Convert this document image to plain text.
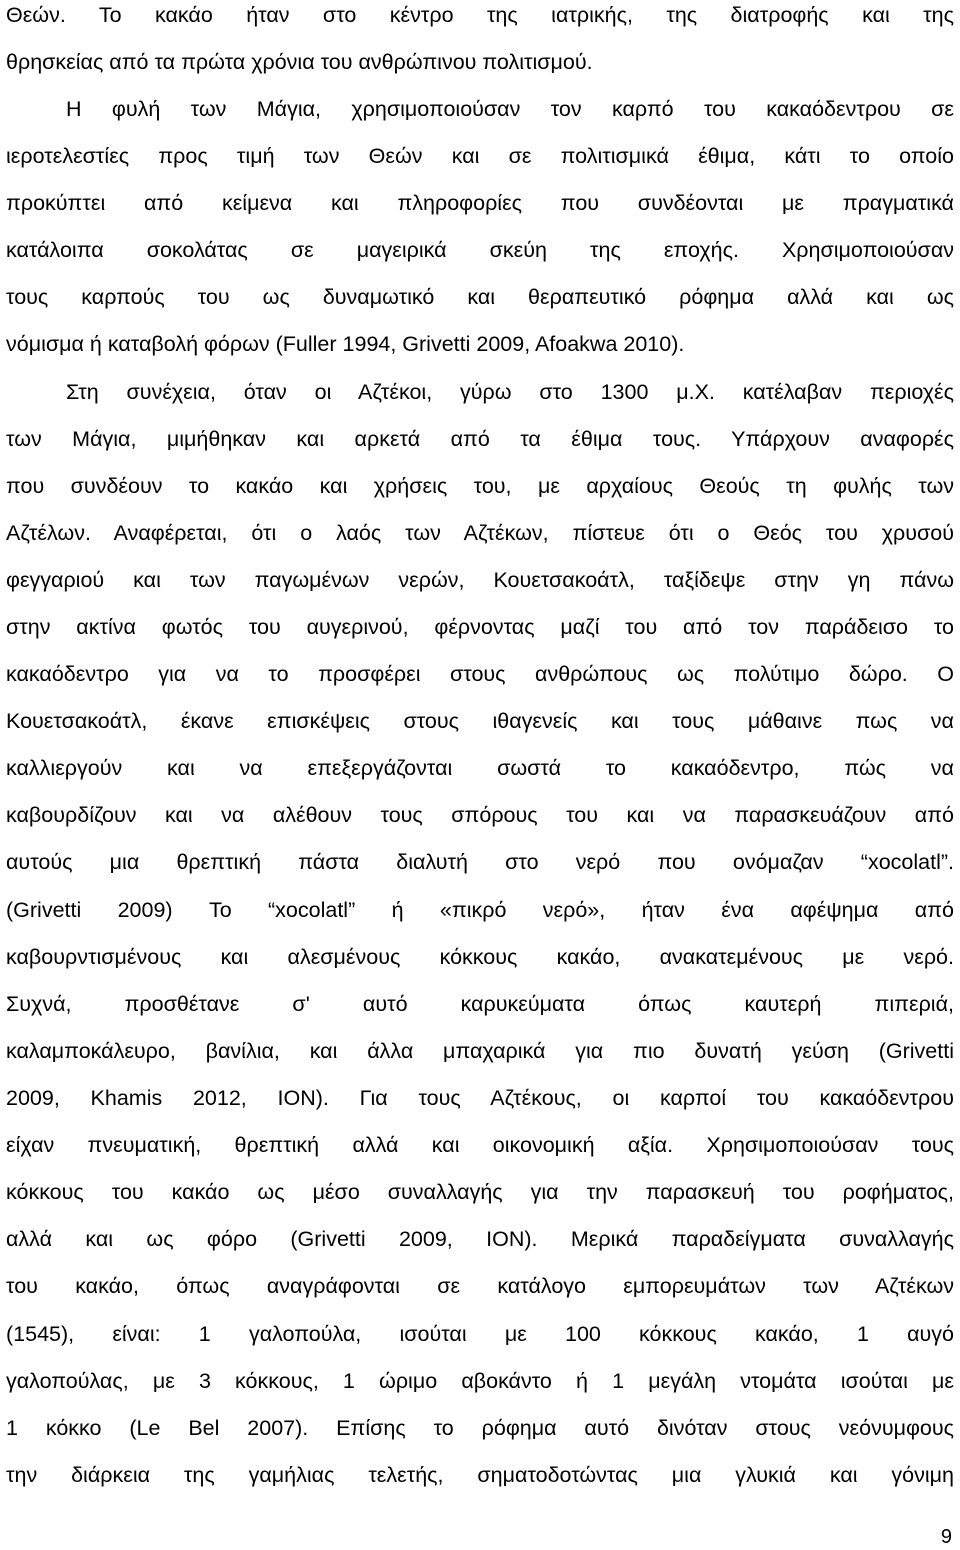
Θεών. Το κακάο ήταν στο κέντρο της ιατρικής, της διατροφής και της
θρησκείας από τα πρώτα χρόνια του ανθρώπινου πολιτισμού.
Η φυλή των Μάγια, χρησιμοποιούσαν τον καρπό του κακαόδεντρου σε
ιεροτελεστίες προς τιμή των Θεών και σε πολιτισμικά έθιμα, κάτι το οποίο
προκύπτει από κείμενα και πληροφορίες που συνδέονται με πραγματικά
κατάλοιπα σοκολάτας σε μαγειρικά σκεύη της εποχής. Χρησιμοποιούσαν
τους καρπούς του ως δυναμωτικό και θεραπευτικό ρόφημα αλλά και ως
νόμισμα ή καταβολή φόρων (Fuller 1994, Grivetti 2009, Afoakwa 2010).
Στη συνέχεια, όταν οι Αζτέκοι, γύρω στο 1300 μ.Χ. κατέλαβαν περιοχές
των Μάγια, μιμήθηκαν και αρκετά από τα έθιμα τους. Υπάρχουν αναφορές
που συνδέουν το κακάο και χρήσεις του, με αρχαίους Θεούς τη φυλής των
Αζτέλων. Αναφέρεται, ότι ο λαός των Αζτέκων, πίστευε ότι ο Θεός του χρυσού
φεγγαριού και των παγωμένων νερών, Κουετσακοάτλ, ταξίδεψε στην γη πάνω
στην ακτίνα φωτός του αυγερινού, φέρνοντας μαζί του από τον παράδεισο το
κακαόδεντρο για να το προσφέρει στους ανθρώπους ως πολύτιμο δώρο. Ο
Κουετσακοάτλ, έκανε επισκέψεις στους ιθαγενείς και τους μάθαινε πως να
καλλιεργούν και να επεξεργάζονται σωστά το κακαόδεντρο, πώς να
καβουρδίζουν και να αλέθουν τους σπόρους του και να παρασκευάζουν από
αυτούς μια θρεπτική πάστα διαλυτή στο νερό που ονόμαζαν “xocolatl”.
(Grivetti 2009) Το “xocolatl” ή «πικρό νερό», ήταν ένα αφέψημα από
καβουρντισμένους και αλεσμένους κόκκους κακάο, ανακατεμένους με νερό.
Συχνά, προσθέτανε σ' αυτό καρυκεύματα όπως καυτερή πιπεριά,
καλαμποκάλευρο, βανίλια, και άλλα μπαχαρικά για πιο δυνατή γεύση (Grivetti
2009, Khamis 2012, ΙΟΝ). Για τους Αζτέκους, οι καρποί του κακαόδεντρου
είχαν πνευματική, θρεπτική αλλά και οικονομική αξία. Χρησιμοποιούσαν τους
κόκκους του κακάο ως μέσο συναλλαγής για την παρασκευή του ροφήματος,
αλλά και ως φόρο (Grivetti 2009, ΙΟΝ). Μερικά παραδείγματα συναλλαγής
του κακάο, όπως αναγράφονται σε κατάλογο εμπορευμάτων των Αζτέκων
(1545), είναι: 1 γαλοπούλα, ισούται με 100 κόκκους κακάο, 1 αυγό
γαλοπούλας, με 3 κόκκους, 1 ώριμο αβοκάντο ή 1 μεγάλη ντομάτα ισούται με
1 κόκκο (Le Bel 2007). Επίσης το ρόφημα αυτό δινόταν στους νεόνυμφους
την διάρκεια της γαμήλιας τελετής, σηματοδοτώντας μια γλυκιά και γόνιμη
9
